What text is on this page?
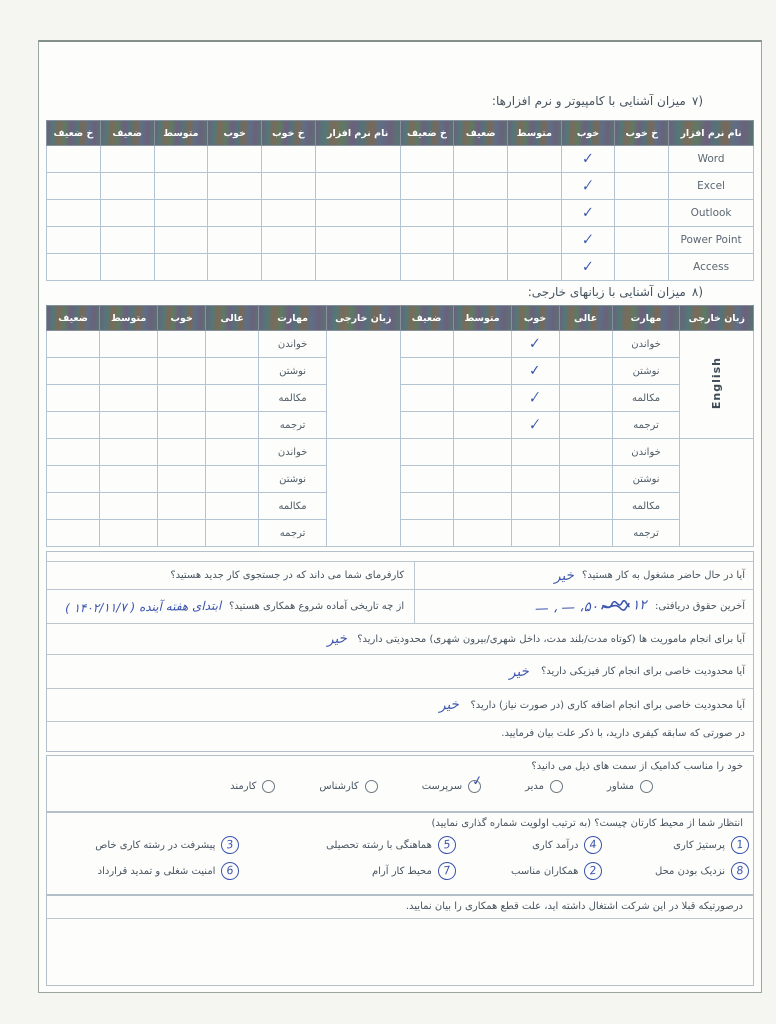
٧)میزان آشنایی با کامپیوتر و نرم افزارها:
نام نرم افزار	خ خوب	خوب	متوسط	ضعیف	خ ضعیف	نام نرم افزار	خ خوب	خوب	متوسط	ضعیف	خ ضعیف
Word		✓									
Excel		✓									
Outlook		✓									
Power Point		✓									
Access		✓									
٨)میزان آشنایی با زبانهای خارجی:
زبان خارجی	مهارت	عالی	خوب	متوسط	ضعیف	زبان خارجی	مهارت	عالی	خوب	متوسط	ضعیف
English	خواندن		✓				خواندن				
	نوشتن		✓				نوشتن				
	مکالمه		✓				مکالمه				
	ترجمه		✓				ترجمه				
	خواندن						خواندن				
	نوشتن						نوشتن				
	مکالمه						مکالمه				
	ترجمه						ترجمه				
آیا در حال حاضر مشغول به کار هستید؟
خیر
کارفرمای شما می داند که در جستجوی کار جدید هستید؟
آخرین حقوق دریافتی:
۱۲
۵۰، — ، —
از چه تاریخی آماده شروع همکاری هستید؟
ابتدای هفته آینده ( ۱۴۰۲/۱۱/۷ )
آیا برای انجام ماموریت ها (کوتاه مدت/بلند مدت، داخل شهری/بیرون شهری) محدودیتی دارید؟
خیر
آیا محدودیت خاصی برای انجام کار فیزیکی دارید؟
خیر
آیا محدودیت خاصی برای انجام اضافه کاری (در صورت نیاز) دارید؟
خیر
در صورتی که سابقه کیفری دارید، با ذکر علت بیان فرمایید.
خود را مناسب کدامیک از سمت های ذیل می دانید؟
مشاور
مدیر
✓
سرپرست
کارشناس
کارمند
انتظار شما از محیط کارتان چیست؟ (به ترتیب اولویت شماره گذاری نمایید)
1
پرستیژ کاری
4
درآمد کاری
5
هماهنگی با رشته تحصیلی
3
پیشرفت در رشته کاری خاص
8
نزدیک بودن محل
2
همکاران مناسب
7
محیط کار آرام
6
امنیت شغلی و تمدید قرارداد
درصورتیکه قبلا در این شرکت اشتغال داشته اید، علت قطع همکاری را بیان نمایید.
